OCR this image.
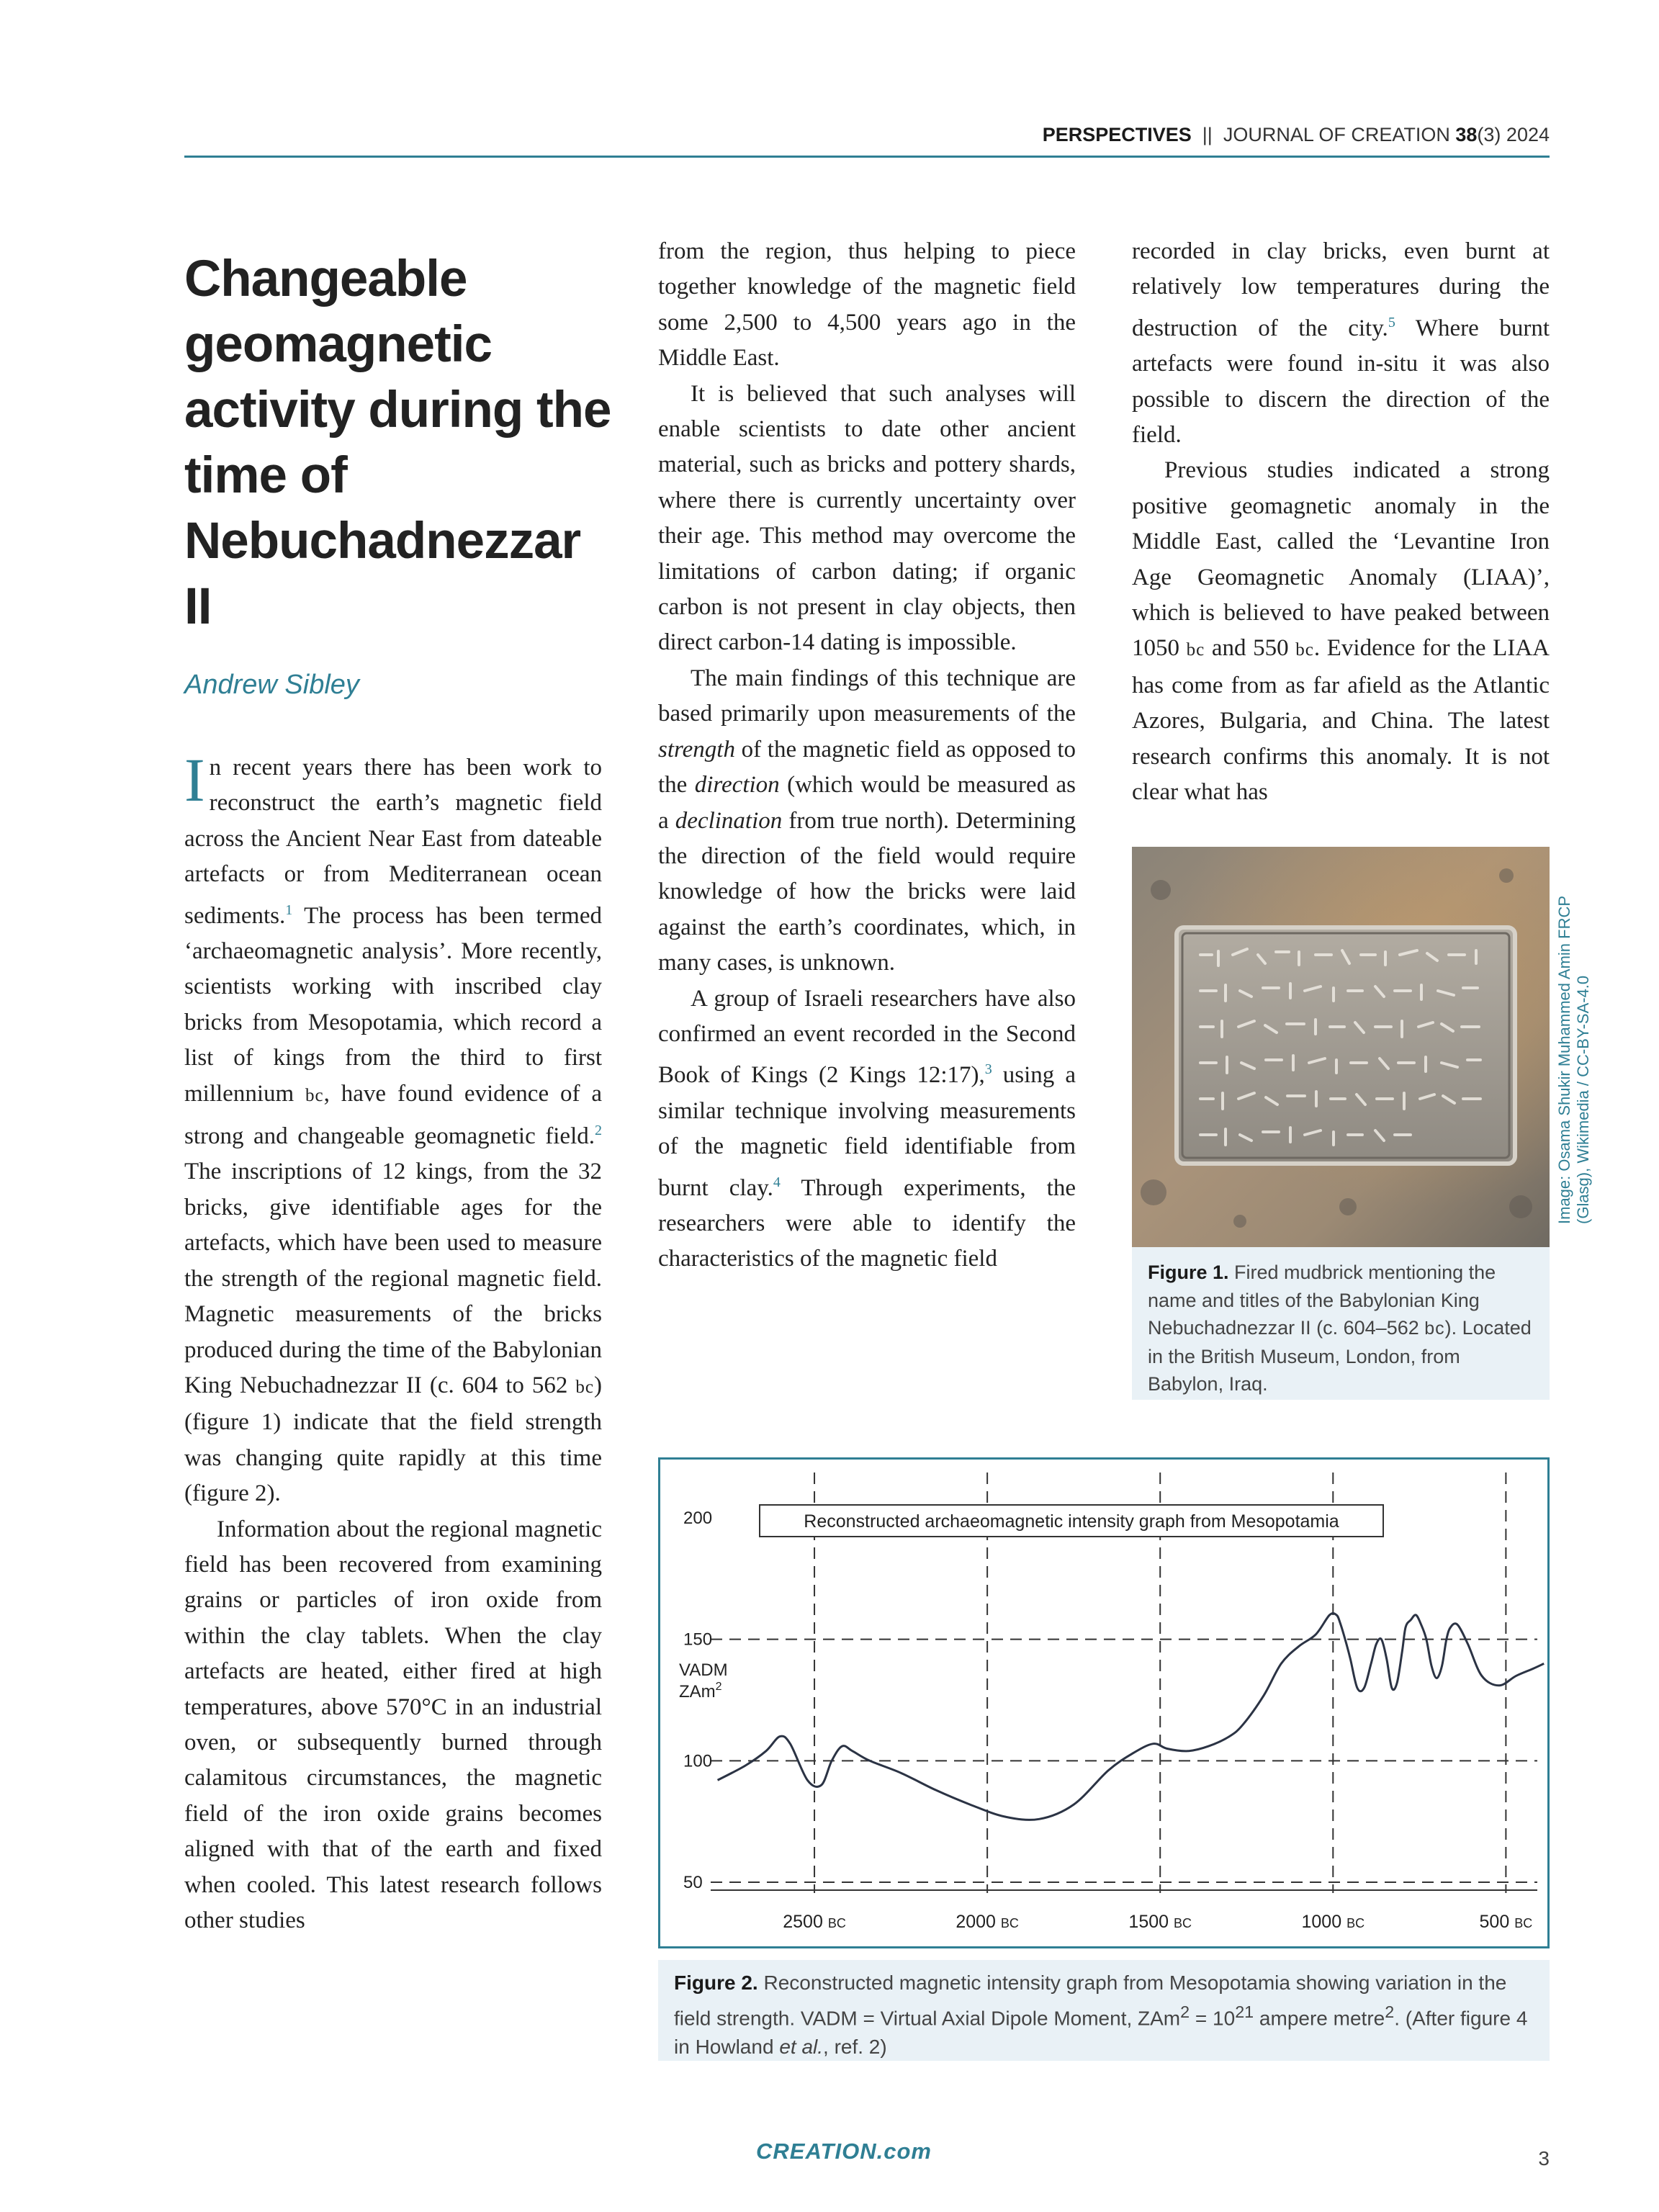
PERSPECTIVES || JOURNAL OF CREATION 38(3) 2024
Changeable geomagnetic activity during the time of Nebuchadnezzar II
Andrew Sibley

In recent years there has been work to reconstruct the earth’s magnetic field across the Ancient Near East from dateable artefacts or from Mediterranean ocean sediments.$^1$ The process has been termed ‘archaeomagnetic analysis’. More recently, scientists working with inscribed clay bricks from Mesopotamia, which record a list of kings from the third to first millennium bc, have found evidence of a strong and changeable geomagnetic field.$^2$ The inscriptions of 12 kings, from the 32 bricks, give identifiable ages for the artefacts, which have been used to measure the strength of the regional magnetic field. Magnetic measurements of the bricks produced during the time of the Babylonian King Nebuchadnezzar II (c. 604 to 562 bc) (figure 1) indicate that the field strength was changing quite rapidly at this time (figure 2).

Information about the regional magnetic field has been recovered from examining grains or particles of iron oxide from within the clay tablets. When the clay artefacts are heated, either fired at high temperatures, above 570°C in an industrial oven, or subsequently burned through calamitous circumstances, the magnetic field of the iron oxide grains becomes aligned with that of the earth and fixed when cooled. This latest research follows other studies

from the region, thus helping to piece together knowledge of the magnetic field some 2,500 to 4,500 years ago in the Middle East.

It is believed that such analyses will enable scientists to date other ancient material, such as bricks and pottery shards, where there is currently uncertainty over their age. This method may overcome the limitations of carbon dating; if organic carbon is not present in clay objects, then direct carbon-14 dating is impossible.

The main findings of this technique are based primarily upon measurements of the strength of the magnetic field as opposed to the direction (which would be measured as a declination from true north). Determining the direction of the field would require knowledge of how the bricks were laid against the earth’s coordinates, which, in many cases, is unknown.

A group of Israeli researchers have also confirmed an event recorded in the Second Book of Kings (2 Kings 12:17),$^3$ using a similar technique involving measurements of the magnetic field identifiable from burnt clay.$^4$ Through experiments, the researchers were able to identify the characteristics of the magnetic field

recorded in clay bricks, even burnt at relatively low temperatures during the destruction of the city.$^5$ Where burnt artefacts were found in-situ it was also possible to discern the direction of the field.

Previous studies indicated a strong positive geomagnetic anomaly in the Middle East, called the ‘Levantine Iron Age Geomagnetic Anomaly (LIAA)’, which is believed to have peaked between 1050 bc and 550 bc. Evidence for the LIAA has come from as far afield as the Atlantic Azores, Bulgaria, and China. The latest research confirms this anomaly. It is not clear what has

Image: Osama Shukir Muhammed Amin FRCP (Glasg), Wikimedia / CC-BY-SA-4.0
Figure 1. Fired mudbrick mentioning the name and titles of the Babylonian King Nebuchadnezzar II (c. 604–562 bc). Located in the British Museum, London, from Babylon, Iraq.
200
150
100
50
2500 BC	2000 BC	1500 BC	1000 BC	500 BC
Reconstructed archaeomagnetic intensity graph from Mesopotamia
VADM
ZAm$^2$
Figure 2. Reconstructed magnetic intensity graph from Mesopotamia showing variation in the field strength. VADM = Virtual Axial Dipole Moment, $ZAm^2 = 10^{21}$ ampere metre$^2$. (After figure 4 in Howland et al., ref. 2)
CREATION.com	3
